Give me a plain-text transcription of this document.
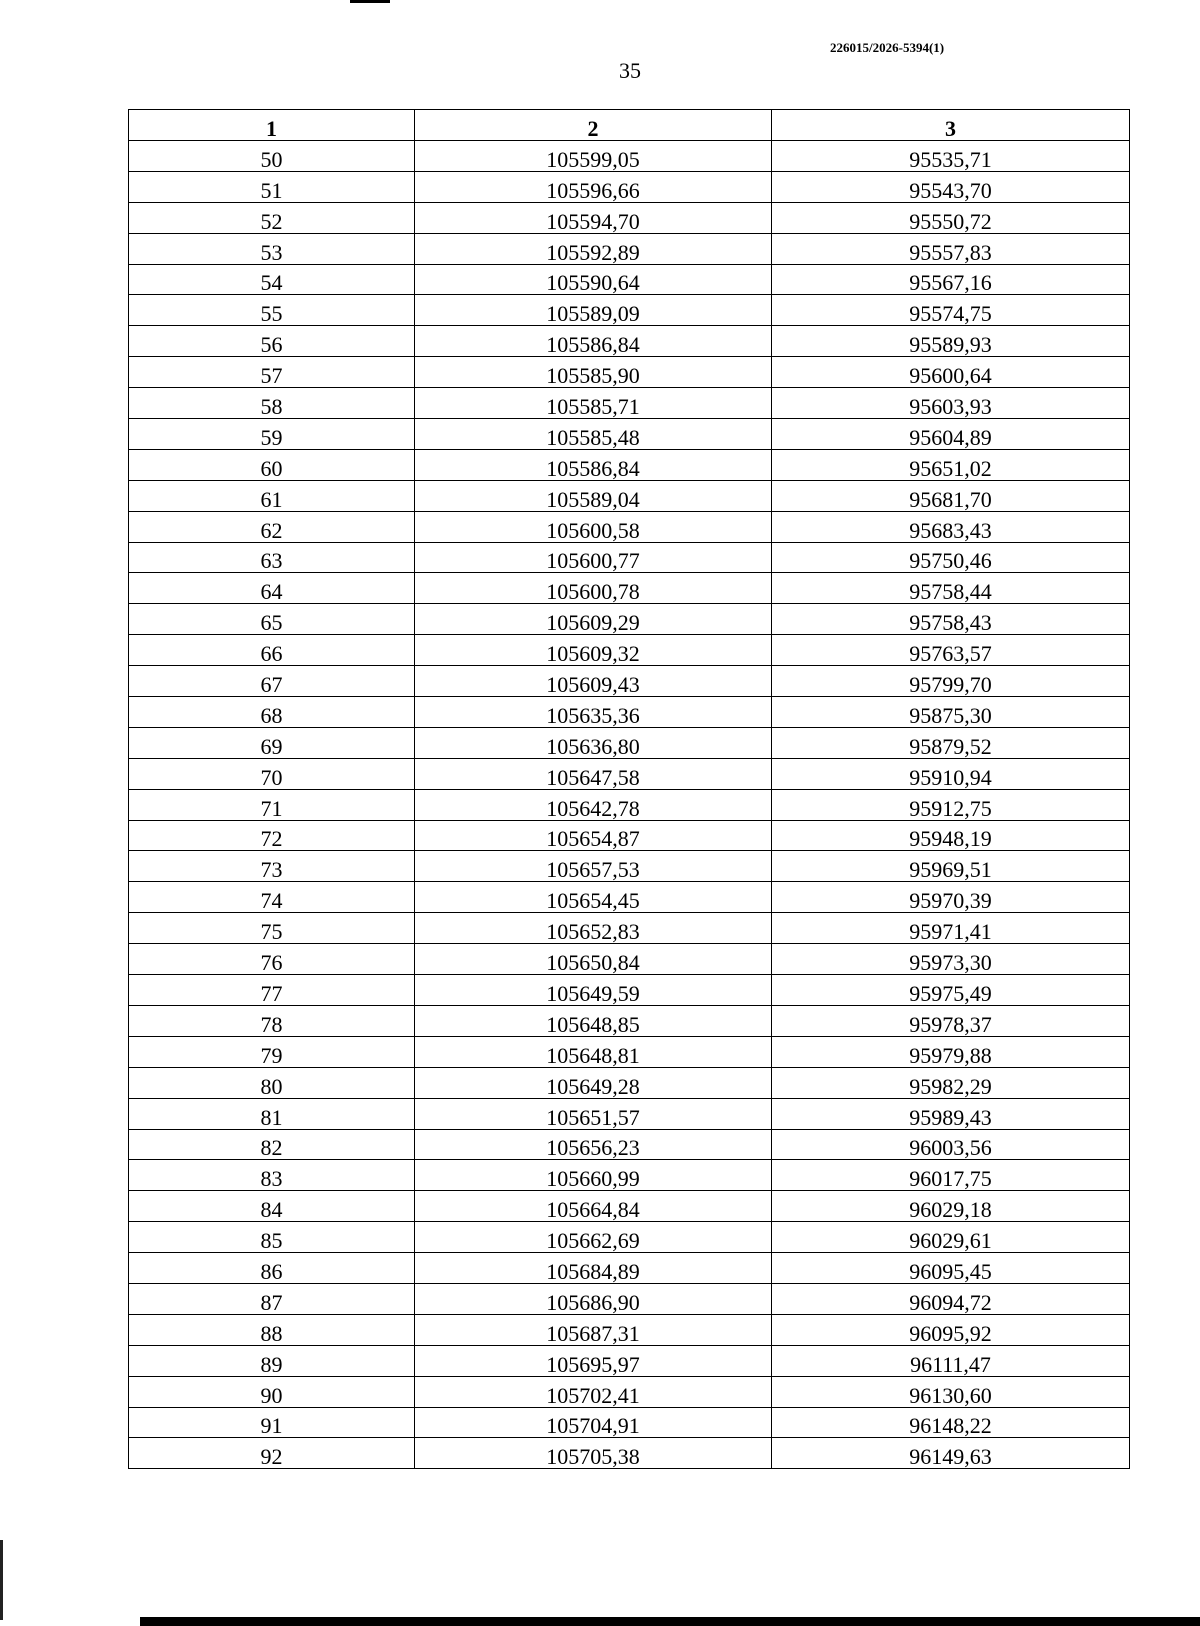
226015/2026-5394(1)
35
1	2	3
50	105599,05	95535,71
51	105596,66	95543,70
52	105594,70	95550,72
53	105592,89	95557,83
54	105590,64	95567,16
55	105589,09	95574,75
56	105586,84	95589,93
57	105585,90	95600,64
58	105585,71	95603,93
59	105585,48	95604,89
60	105586,84	95651,02
61	105589,04	95681,70
62	105600,58	95683,43
63	105600,77	95750,46
64	105600,78	95758,44
65	105609,29	95758,43
66	105609,32	95763,57
67	105609,43	95799,70
68	105635,36	95875,30
69	105636,80	95879,52
70	105647,58	95910,94
71	105642,78	95912,75
72	105654,87	95948,19
73	105657,53	95969,51
74	105654,45	95970,39
75	105652,83	95971,41
76	105650,84	95973,30
77	105649,59	95975,49
78	105648,85	95978,37
79	105648,81	95979,88
80	105649,28	95982,29
81	105651,57	95989,43
82	105656,23	96003,56
83	105660,99	96017,75
84	105664,84	96029,18
85	105662,69	96029,61
86	105684,89	96095,45
87	105686,90	96094,72
88	105687,31	96095,92
89	105695,97	96111,47
90	105702,41	96130,60
91	105704,91	96148,22
92	105705,38	96149,63
